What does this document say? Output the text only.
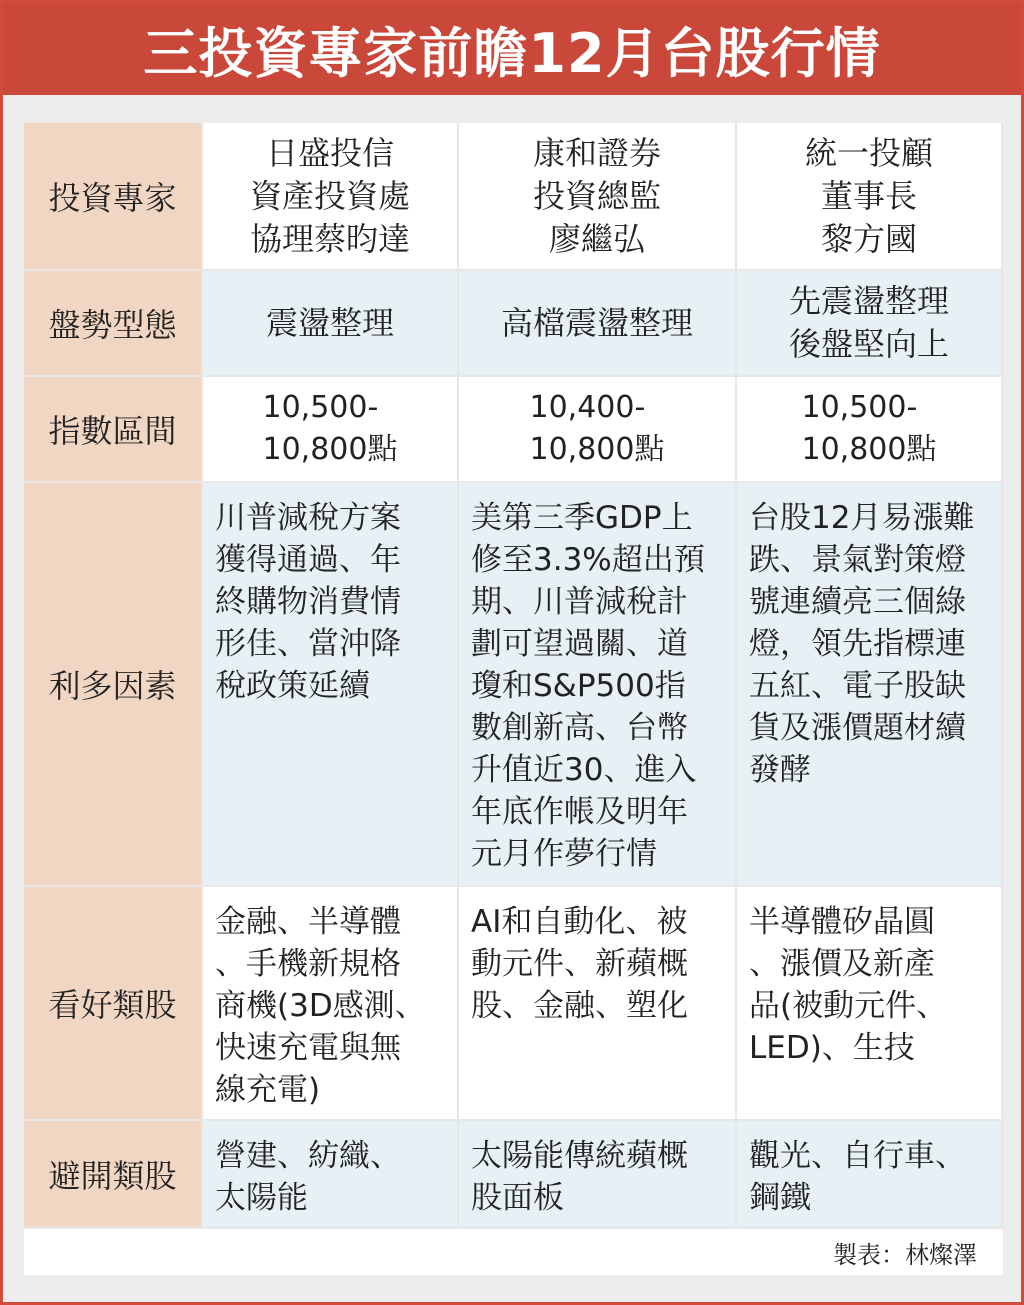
三投資專家前瞻12月台股行情
投資專家
日盛投信
資產投資處
協理蔡昀達
康和證券
投資總監
廖繼弘
統一投顧
董事長
黎方國
盤勢型態	震盪整理	高檔震盪整理
先震盪整理
後盤堅向上
指數區間
10,500-
10,800點
10,400-
10,800點
10,500-
10,800點
利多因素
川普減稅方案
獲得通過、年
終購物消費情
形佳、當沖降
稅政策延續
美第三季GDP上
修至3.3%超出預
期、川普減稅計
劃可望過關、道
瓊和S&P500指
數創新高、台幣
升值近30、進入
年底作帳及明年
元月作夢行情
台股12月易漲難
跌、景氣對策燈
號連續亮三個綠
燈，領先指標連
五紅、電子股缺
貨及漲價題材續
發酵
看好類股
金融、半導體
、手機新規格
商機(3D感測、
快速充電與無
線充電)
AI和自動化、被
動元件、新蘋概
股、金融、塑化
半導體矽晶圓
、漲價及新產
品(被動元件、
LED)、生技
避開類股
營建、紡織、
太陽能
太陽能傳統蘋概
股面板
觀光、自行車、
鋼鐵
製表：林燦澤
